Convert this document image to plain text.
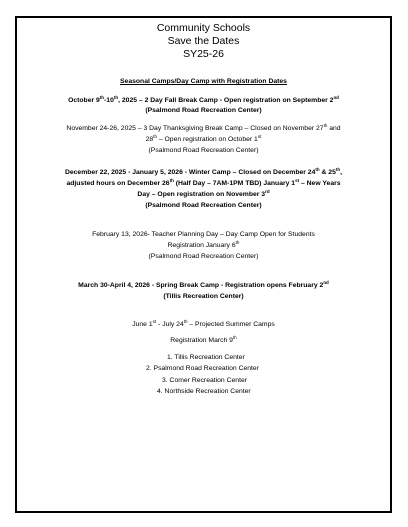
Community Schools
Save the Dates
SY25-26
Seasonal Camps/Day Camp with Registration Dates
October 9th-10th, 2025 – 2 Day Fall Break Camp - Open registration on September 2nd
(Psalmond Road Recreation Center)
November 24-26, 2025 – 3 Day Thanksgiving Break Camp – Closed on November 27th and
28th – Open registration on October 1st
(Psalmond Road Recreation Center)
December 22, 2025 - January 5, 2026 - Winter Camp – Closed on December 24th & 25th,
adjusted hours on December 26th (Half Day – 7AM-1PM TBD) January 1st – New Years
Day – Open registration on November 3rd
(Psalmond Road Recreation Center)
February 13, 2026- Teacher Planning Day – Day Camp Open for Students
Registration January 6th
(Psalmond Road Recreation Center)
March 30-April 4, 2026 - Spring Break Camp - Registration opens February 2nd
(Tillis Recreation Center)
June 1st - July 24th – Projected Summer Camps
Registration March 9th
1. Tillis Recreation Center
2. Psalmond Road Recreation Center
3. Comer Recreation Center
4. Northside Recreation Center
